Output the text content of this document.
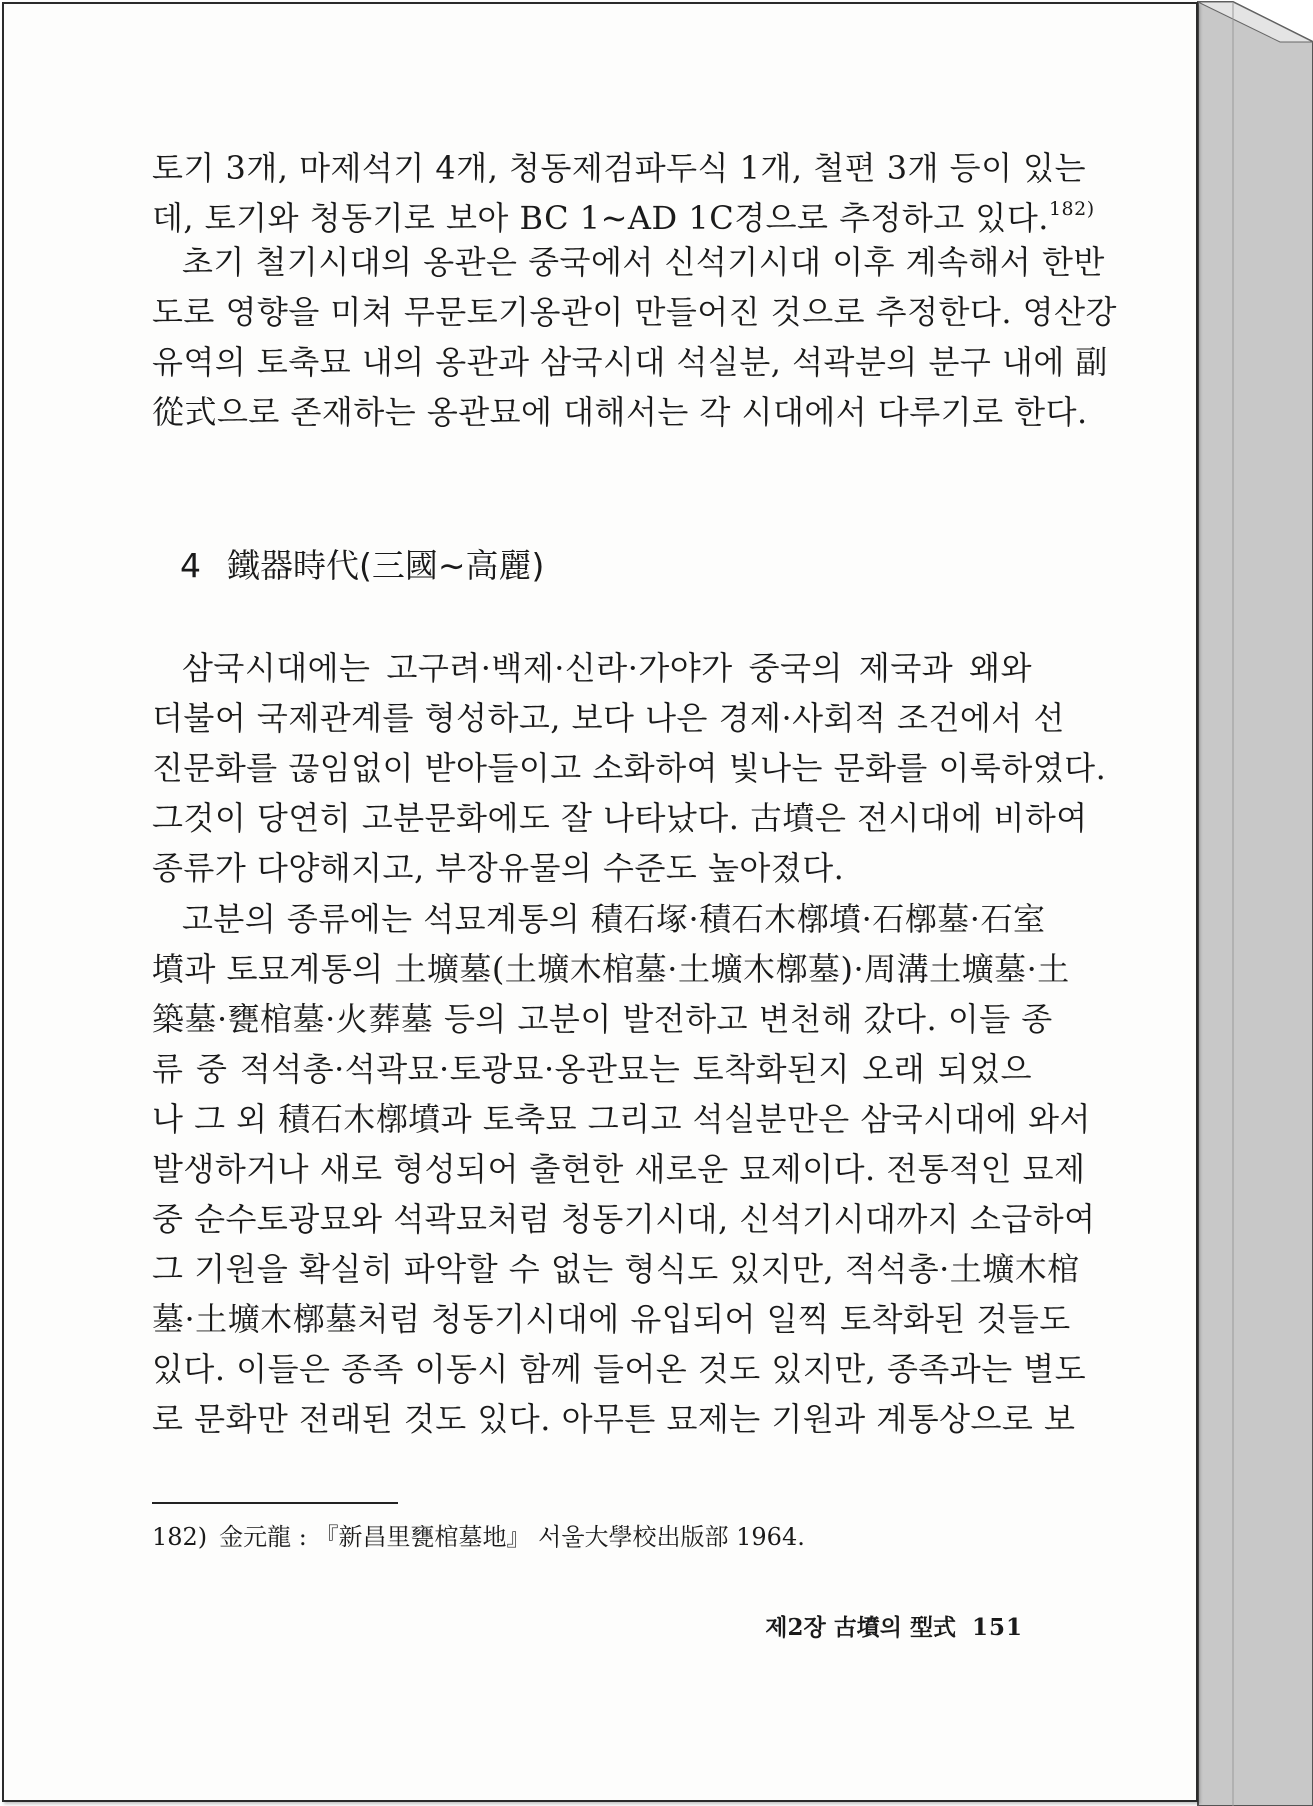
토기 3개, 마제석기 4개, 청동제검파두식 1개, 철편 3개 등이 있는
데, 토기와 청동기로 보아 BC 1∼AD 1C경으로 추정하고 있다.$^{182)}$
초기 철기시대의 옹관은 중국에서 신석기시대 이후 계속해서 한반
도로 영향을 미쳐 무문토기옹관이 만들어진 것으로 추정한다. 영산강
유역의 토축묘 내의 옹관과 삼국시대 석실분, 석곽분의 분구 내에 副
從式으로 존재하는 옹관묘에 대해서는 각 시대에서 다루기로 한다.
4 鐵器時代(三國∼高麗)
삼국시대에는 고구려·백제·신라·가야가 중국의 제국과 왜와
더불어 국제관계를 형성하고, 보다 나은 경제·사회적 조건에서 선
진문화를 끊임없이 받아들이고 소화하여 빛나는 문화를 이룩하였다.
그것이 당연히 고분문화에도 잘 나타났다. 古墳은 전시대에 비하여
종류가 다양해지고, 부장유물의 수준도 높아졌다.
고분의 종류에는 석묘계통의 積石塚·積石木槨墳·石槨墓·石室
墳과 토묘계통의 土壙墓(土壙木棺墓·土壙木槨墓)·周溝土壙墓·土
築墓·甕棺墓·火葬墓 등의 고분이 발전하고 변천해 갔다. 이들 종
류 중 적석총·석곽묘·토광묘·옹관묘는 토착화된지 오래 되었으
나 그 외 積石木槨墳과 토축묘 그리고 석실분만은 삼국시대에 와서
발생하거나 새로 형성되어 출현한 새로운 묘제이다. 전통적인 묘제
중 순수토광묘와 석곽묘처럼 청동기시대, 신석기시대까지 소급하여
그 기원을 확실히 파악할 수 없는 형식도 있지만, 적석총·土壙木棺
墓·土壙木槨墓처럼 청동기시대에 유입되어 일찍 토착화된 것들도
있다. 이들은 종족 이동시 함께 들어온 것도 있지만, 종족과는 별도
로 문화만 전래된 것도 있다. 아무튼 묘제는 기원과 계통상으로 보
182) 金元龍 : 『新昌里甕棺墓地』 서울大學校出版部 1964.
제2장 古墳의 型式 151
